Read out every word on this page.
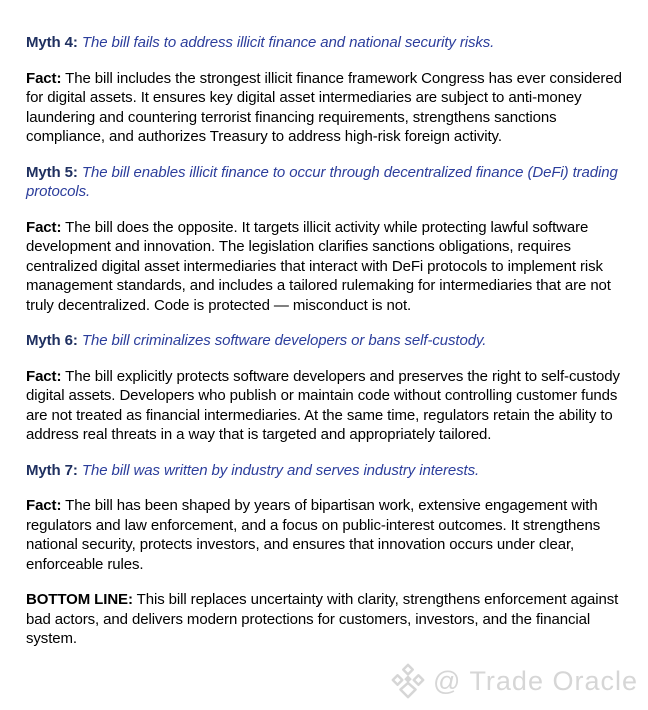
Myth 4: The bill fails to address illicit finance and national security risks.

Fact: The bill includes the strongest illicit finance framework Congress has ever considered for digital assets. It ensures key digital asset intermediaries are subject to anti-money laundering and countering terrorist financing requirements, strengthens sanctions compliance, and authorizes Treasury to address high-risk foreign activity.

Myth 5: The bill enables illicit finance to occur through decentralized finance (DeFi) trading protocols.

Fact: The bill does the opposite. It targets illicit activity while protecting lawful software development and innovation. The legislation clarifies sanctions obligations, requires centralized digital asset intermediaries that interact with DeFi protocols to implement risk management standards, and includes a tailored rulemaking for intermediaries that are not truly decentralized. Code is protected — misconduct is not.

Myth 6: The bill criminalizes software developers or bans self-custody.

Fact: The bill explicitly protects software developers and preserves the right to self-custody digital assets. Developers who publish or maintain code without controlling customer funds are not treated as financial intermediaries. At the same time, regulators retain the ability to address real threats in a way that is targeted and appropriately tailored.

Myth 7: The bill was written by industry and serves industry interests.

Fact: The bill has been shaped by years of bipartisan work, extensive engagement with regulators and law enforcement, and a focus on public-interest outcomes. It strengthens national security, protects investors, and ensures that innovation occurs under clear, enforceable rules.

BOTTOM LINE: This bill replaces uncertainty with clarity, strengthens enforcement against bad actors, and delivers modern protections for customers, investors, and the financial system.

@ Trade Oracle
